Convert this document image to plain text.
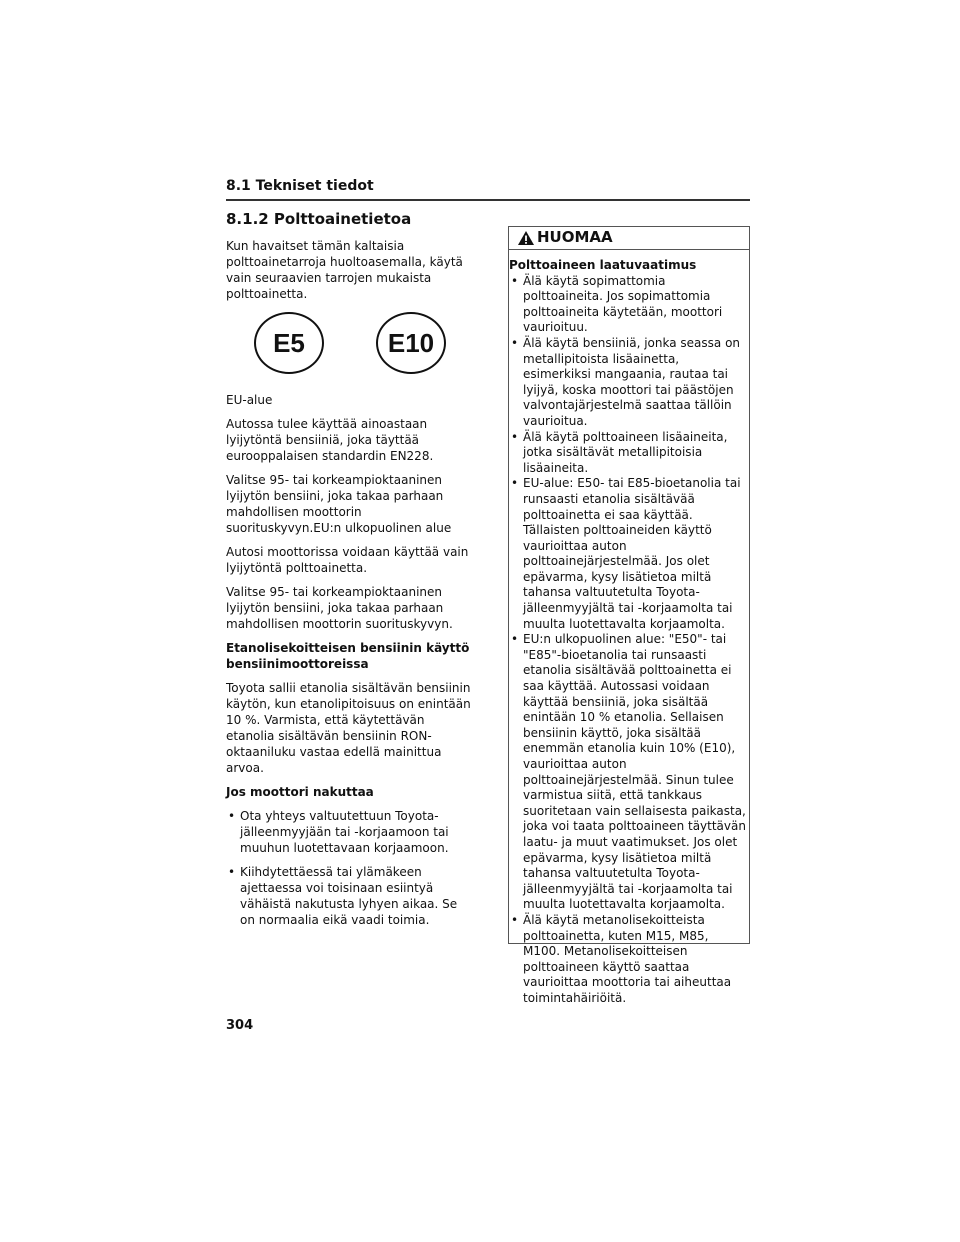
8.1 Tekniset tiedot
8.1.2 Polttoainetietoa

Kun havaitset tämän kaltaisia polttoainetarroja huoltoasemalla, käytä vain seuraavien tarrojen mukaista polttoainetta.

E5	E10

EU-alue

Autossa tulee käyttää ainoastaan lyijytöntä bensiiniä, joka täyttää eurooppalaisen standardin EN228.

Valitse 95- tai korkeampioktaaninen lyijytön bensiini, joka takaa parhaan mahdollisen moottorin suorituskyvyn.EU:n ulkopuolinen alue

Autosi moottorissa voidaan käyttää vain lyijytöntä polttoainetta.

Valitse 95- tai korkeampioktaaninen lyijytön bensiini, joka takaa parhaan mahdollisen moottorin suorituskyvyn.

Etanolisekoitteisen bensiinin käyttö bensiinimoottoreissa

Toyota sallii etanolia sisältävän bensiinin käytön, kun etanolipitoisuus on enintään 10 %. Varmista, että käytettävän etanolia sisältävän bensiinin RON-oktaaniluku vastaa edellä mainittua arvoa.

Jos moottori nakuttaa

• Ota yhteys valtuutettuun Toyota-jälleenmyyjään tai -korjaamoon tai muuhun luotettavaan korjaamoon.
• Kiihdytettäessä tai ylämäkeen ajettaessa voi toisinaan esiintyä vähäistä nakutusta lyhyen aikaa. Se on normaalia eikä vaadi toimia.
HUOMAA
Polttoaineen laatuvaatimus
• Älä käytä sopimattomia polttoaineita. Jos sopimattomia polttoaineita käytetään, moottori vaurioituu.
• Älä käytä bensiiniä, jonka seassa on metallipitoista lisäainetta, esimerkiksi mangaania, rautaa tai lyijyä, koska moottori tai päästöjen valvontajärjestelmä saattaa tällöin vaurioitua.
• Älä käytä polttoaineen lisäaineita, jotka sisältävät metallipitoisia lisäaineita.
• EU-alue: E50- tai E85-bioetanolia tai runsaasti etanolia sisältävää polttoainetta ei saa käyttää. Tällaisten polttoaineiden käyttö vaurioittaa auton polttoainejärjestelmää. Jos olet epävarma, kysy lisätietoa miltä tahansa valtuutetulta Toyota-jälleenmyyjältä tai -korjaamolta tai muulta luotettavalta korjaamolta.
• EU:n ulkopuolinen alue: "E50"- tai "E85"-bioetanolia tai runsaasti etanolia sisältävää polttoainetta ei saa käyttää. Autossasi voidaan käyttää bensiiniä, joka sisältää enintään 10 % etanolia. Sellaisen bensiinin käyttö, joka sisältää enemmän etanolia kuin 10% (E10), vaurioittaa auton polttoainejärjestelmää. Sinun tulee varmistua siitä, että tankkaus suoritetaan vain sellaisesta paikasta, joka voi taata polttoaineen täyttävän laatu- ja muut vaatimukset. Jos olet epävarma, kysy lisätietoa miltä tahansa valtuutetulta Toyota-jälleenmyyjältä tai -korjaamolta tai muulta luotettavalta korjaamolta.
• Älä käytä metanolisekoitteista polttoainetta, kuten M15, M85, M100. Metanolisekoitteisen polttoaineen käyttö saattaa vaurioittaa moottoria tai aiheuttaa toimintahäiriöitä.
304
